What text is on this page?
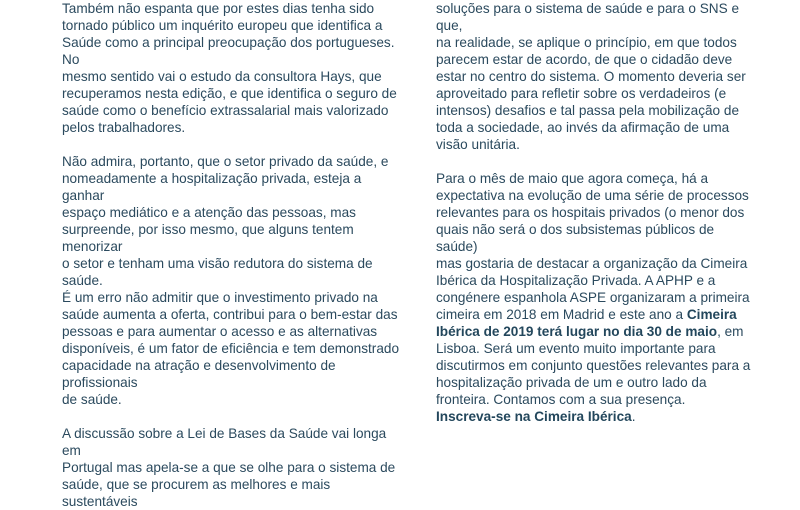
Também não espanta que por estes dias tenha sido
tornado público um inquérito europeu que identifica a
Saúde como a principal preocupação dos portugueses. No
mesmo sentido vai o estudo da consultora Hays, que
recuperamos nesta edição, e que identifica o seguro de
saúde como o benefício extrassalarial mais valorizado
pelos trabalhadores.

Não admira, portanto, que o setor privado da saúde, e
nomeadamente a hospitalização privada, esteja a ganhar
espaço mediático e a atenção das pessoas, mas
surpreende, por isso mesmo, que alguns tentem menorizar
o setor e tenham uma visão redutora do sistema de saúde.
É um erro não admitir que o investimento privado na
saúde aumenta a oferta, contribui para o bem-estar das
pessoas e para aumentar o acesso e as alternativas
disponíveis, é um fator de eficiência e tem demonstrado
capacidade na atração e desenvolvimento de profissionais
de saúde.

A discussão sobre a Lei de Bases da Saúde vai longa em
Portugal mas apela-se a que se olhe para o sistema de
saúde, que se procurem as melhores e mais sustentáveis

soluções para o sistema de saúde e para o SNS e que,
na realidade, se aplique o princípio, em que todos
parecem estar de acordo, de que o cidadão deve
estar no centro do sistema. O momento deveria ser
aproveitado para refletir sobre os verdadeiros (e
intensos) desafios e tal passa pela mobilização de
toda a sociedade, ao invés da afirmação de uma
visão unitária.

Para o mês de maio que agora começa, há a
expectativa na evolução de uma série de processos
relevantes para os hospitais privados (o menor dos
quais não será o dos subsistemas públicos de saúde)
mas gostaria de destacar a organização da Cimeira
Ibérica da Hospitalização Privada. A APHP e a
congénere espanhola ASPE organizaram a primeira
cimeira em 2018 em Madrid e este ano a Cimeira
Ibérica de 2019 terá lugar no dia 30 de maio, em
Lisboa. Será um evento muito importante para
discutirmos em conjunto questões relevantes para a
hospitalização privada de um e outro lado da
fronteira. Contamos com a sua presença.
Inscreva-se na Cimeira Ibérica.
